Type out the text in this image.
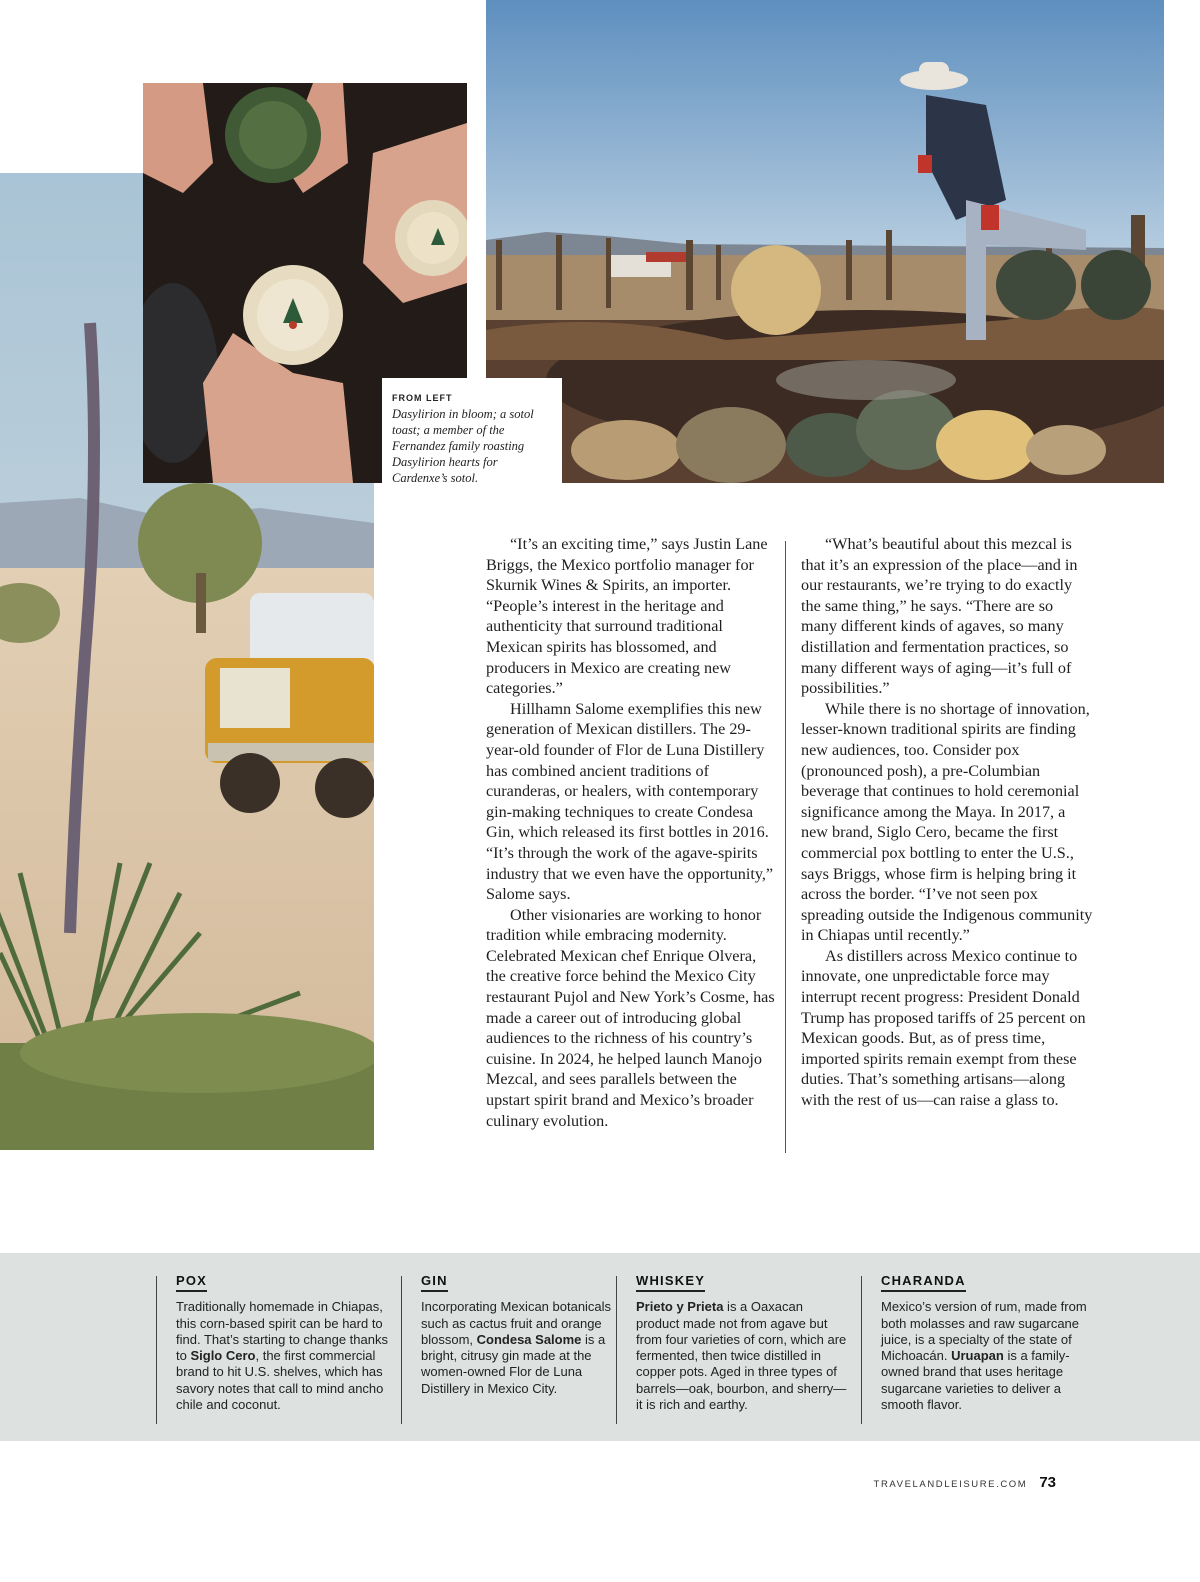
FROM LEFT
Dasylirion in bloom; a sotol toast; a member of the Fernandez family roasting Dasylirion hearts for Cardenxe’s sotol.

“It’s an exciting time,” says Justin Lane Briggs, the Mexico portfolio manager for Skurnik Wines & Spirits, an importer. “People’s interest in the heritage and authenticity that surround traditional Mexican spirits has blossomed, and producers in Mexico are creating new categories.”

Hillhamn Salome exemplifies this new generation of Mexican distillers. The 29-year-old founder of Flor de Luna Distillery has combined ancient traditions of curanderas, or healers, with contemporary gin-making techniques to create Condesa Gin, which released its first bottles in 2016. “It’s through the work of the agave-spirits industry that we even have the opportunity,” Salome says.

Other visionaries are working to honor tradition while embracing modernity. Celebrated Mexican chef Enrique Olvera, the creative force behind the Mexico City restaurant Pujol and New York’s Cosme, has made a career out of introducing global audiences to the richness of his country’s cuisine. In 2024, he helped launch Manojo Mezcal, and sees parallels between the upstart spirit brand and Mexico’s broader culinary evolution.

“What’s beautiful about this mezcal is that it’s an expression of the place—and in our restaurants, we’re trying to do exactly the same thing,” he says. “There are so many different kinds of agaves, so many distillation and fermentation practices, so many different ways of aging—it’s full of possibilities.”

While there is no shortage of innovation, lesser-known traditional spirits are finding new audiences, too. Consider pox (pronounced posh), a pre-Columbian beverage that continues to hold ceremonial significance among the Maya. In 2017, a new brand, Siglo Cero, became the first commercial pox bottling to enter the U.S., says Briggs, whose firm is helping bring it across the border. “I’ve not seen pox spreading outside the Indigenous community in Chiapas until recently.”

As distillers across Mexico continue to innovate, one unpredictable force may interrupt recent progress: President Donald Trump has proposed tariffs of 25 percent on Mexican goods. But, as of press time, imported spirits remain exempt from these duties. That’s something artisans—along with the rest of us—can raise a glass to.

POX

Traditionally homemade in Chiapas, this corn-based spirit can be hard to find. That’s starting to change thanks to Siglo Cero, the first commercial brand to hit U.S. shelves, which has savory notes that call to mind ancho chile and coconut.

GIN

Incorporating Mexican botanicals such as cactus fruit and orange blossom, Condesa Salome is a bright, citrusy gin made at the women-owned Flor de Luna Distillery in Mexico City.

WHISKEY

Prieto y Prieta is a Oaxacan product made not from agave but from four varieties of corn, which are fermented, then twice distilled in copper pots. Aged in three types of barrels—oak, bourbon, and sherry—it is rich and earthy.

CHARANDA

Mexico’s version of rum, made from both molasses and raw sugarcane juice, is a specialty of the state of Michoacán. Uruapan is a family-owned brand that uses heritage sugarcane varieties to deliver a smooth flavor.

TRAVELANDLEISURE.COM 73
